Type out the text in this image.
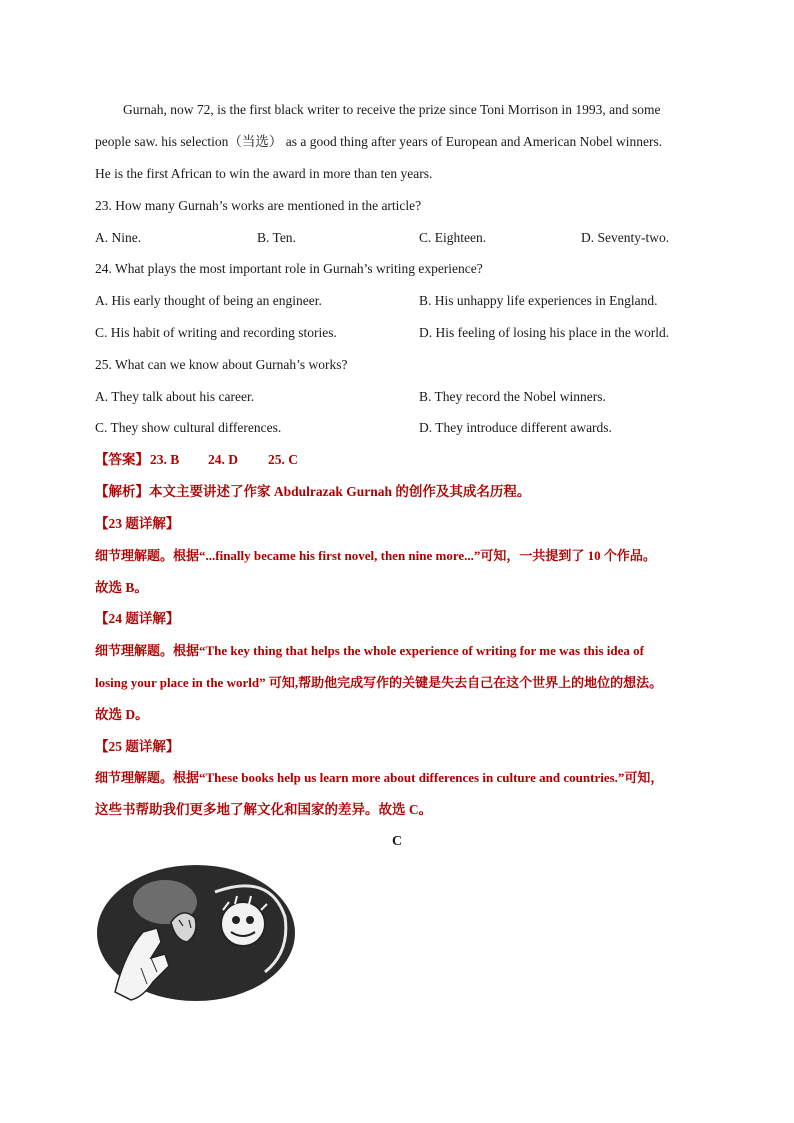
Gurnah, now 72, is the first black writer to receive the prize since Toni Morrison in 1993, and some
people saw. his selection（当选） as a good thing after years of European and American Nobel winners.
He is the first African to win the award in more than ten years.
23. How many Gurnah’s works are mentioned in the article?
A. Nine.	B. Ten.	C. Eighteen.	D. Seventy-two.
24. What plays the most important role in Gurnah’s writing experience?
A. His early thought of being an engineer.	B. His unhappy life experiences in England.
C. His habit of writing and recording stories.	D. His feeling of losing his place in the world.
25. What can we know about Gurnah’s works?
A. They talk about his career.	B. They record the Nobel winners.
C. They show cultural differences.	D. They introduce different awards.
【答案】 23. B 24. D 25. C
【解析】本文主要讲述了作家 Abdulrazak Gurnah 的创作及其成名历程。
【23 题详解】
细节理解题。根据“...finally became his first novel, then nine more...”可知，一共提到了 10 个作品。
故选 B。
【24 题详解】
细节理解题。根据“The key thing that helps the whole experience of writing for me was this idea of
losing your place in the world” 可知,帮助他完成写作的关键是失去自己在这个世界上的地位的想法。
故选 D。
【25 题详解】
细节理解题。根据“These books help us learn more about differences in culture and countries.”可知，
这些书帮助我们更多地了解文化和国家的差异。故选 C。
C
